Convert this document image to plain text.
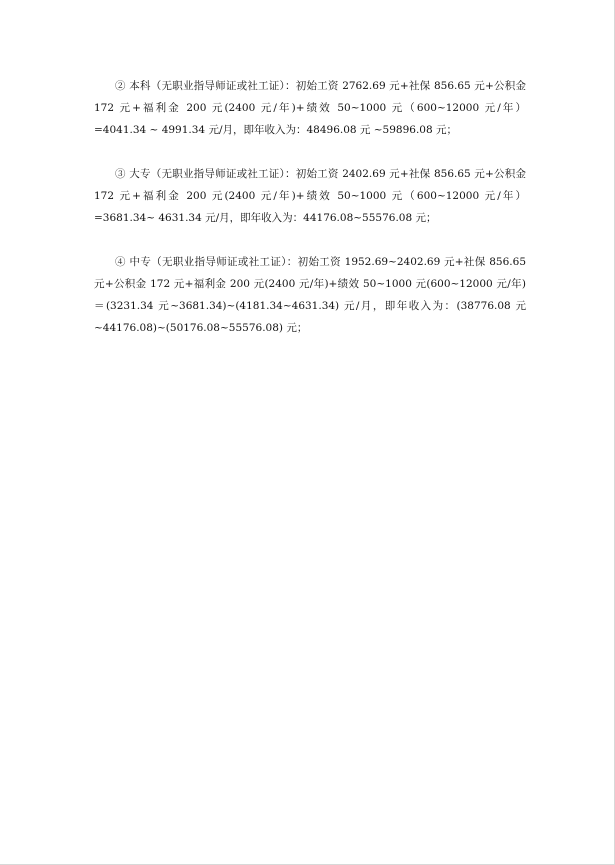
② 本科（无职业指导师证或社工证）：初始工资 2762.69 元+社保 856.65 元+公积金 172 元+福利金 200 元(2400 元/年)+绩效 50~1000 元（600~12000 元/年）=4041.34 ~ 4991.34 元/月，即年收入为：48496.08 元 ~59896.08 元；

③ 大专（无职业指导师证或社工证）：初始工资 2402.69 元+社保 856.65 元+公积金 172 元+福利金 200 元(2400 元/年)+绩效 50~1000 元（600~12000 元/年）=3681.34~ 4631.34 元/月，即年收入为：44176.08~55576.08 元；

④ 中专（无职业指导师证或社工证）：初始工资 1952.69~2402.69 元+社保 856.65 元+公积金 172 元+福利金 200 元(2400 元/年)+绩效 50~1000 元(600~12000 元/年)＝(3231.34 元~3681.34)~(4181.34~4631.34) 元/月，即年收入为：(38776.08 元~44176.08)~(50176.08~55576.08) 元；
